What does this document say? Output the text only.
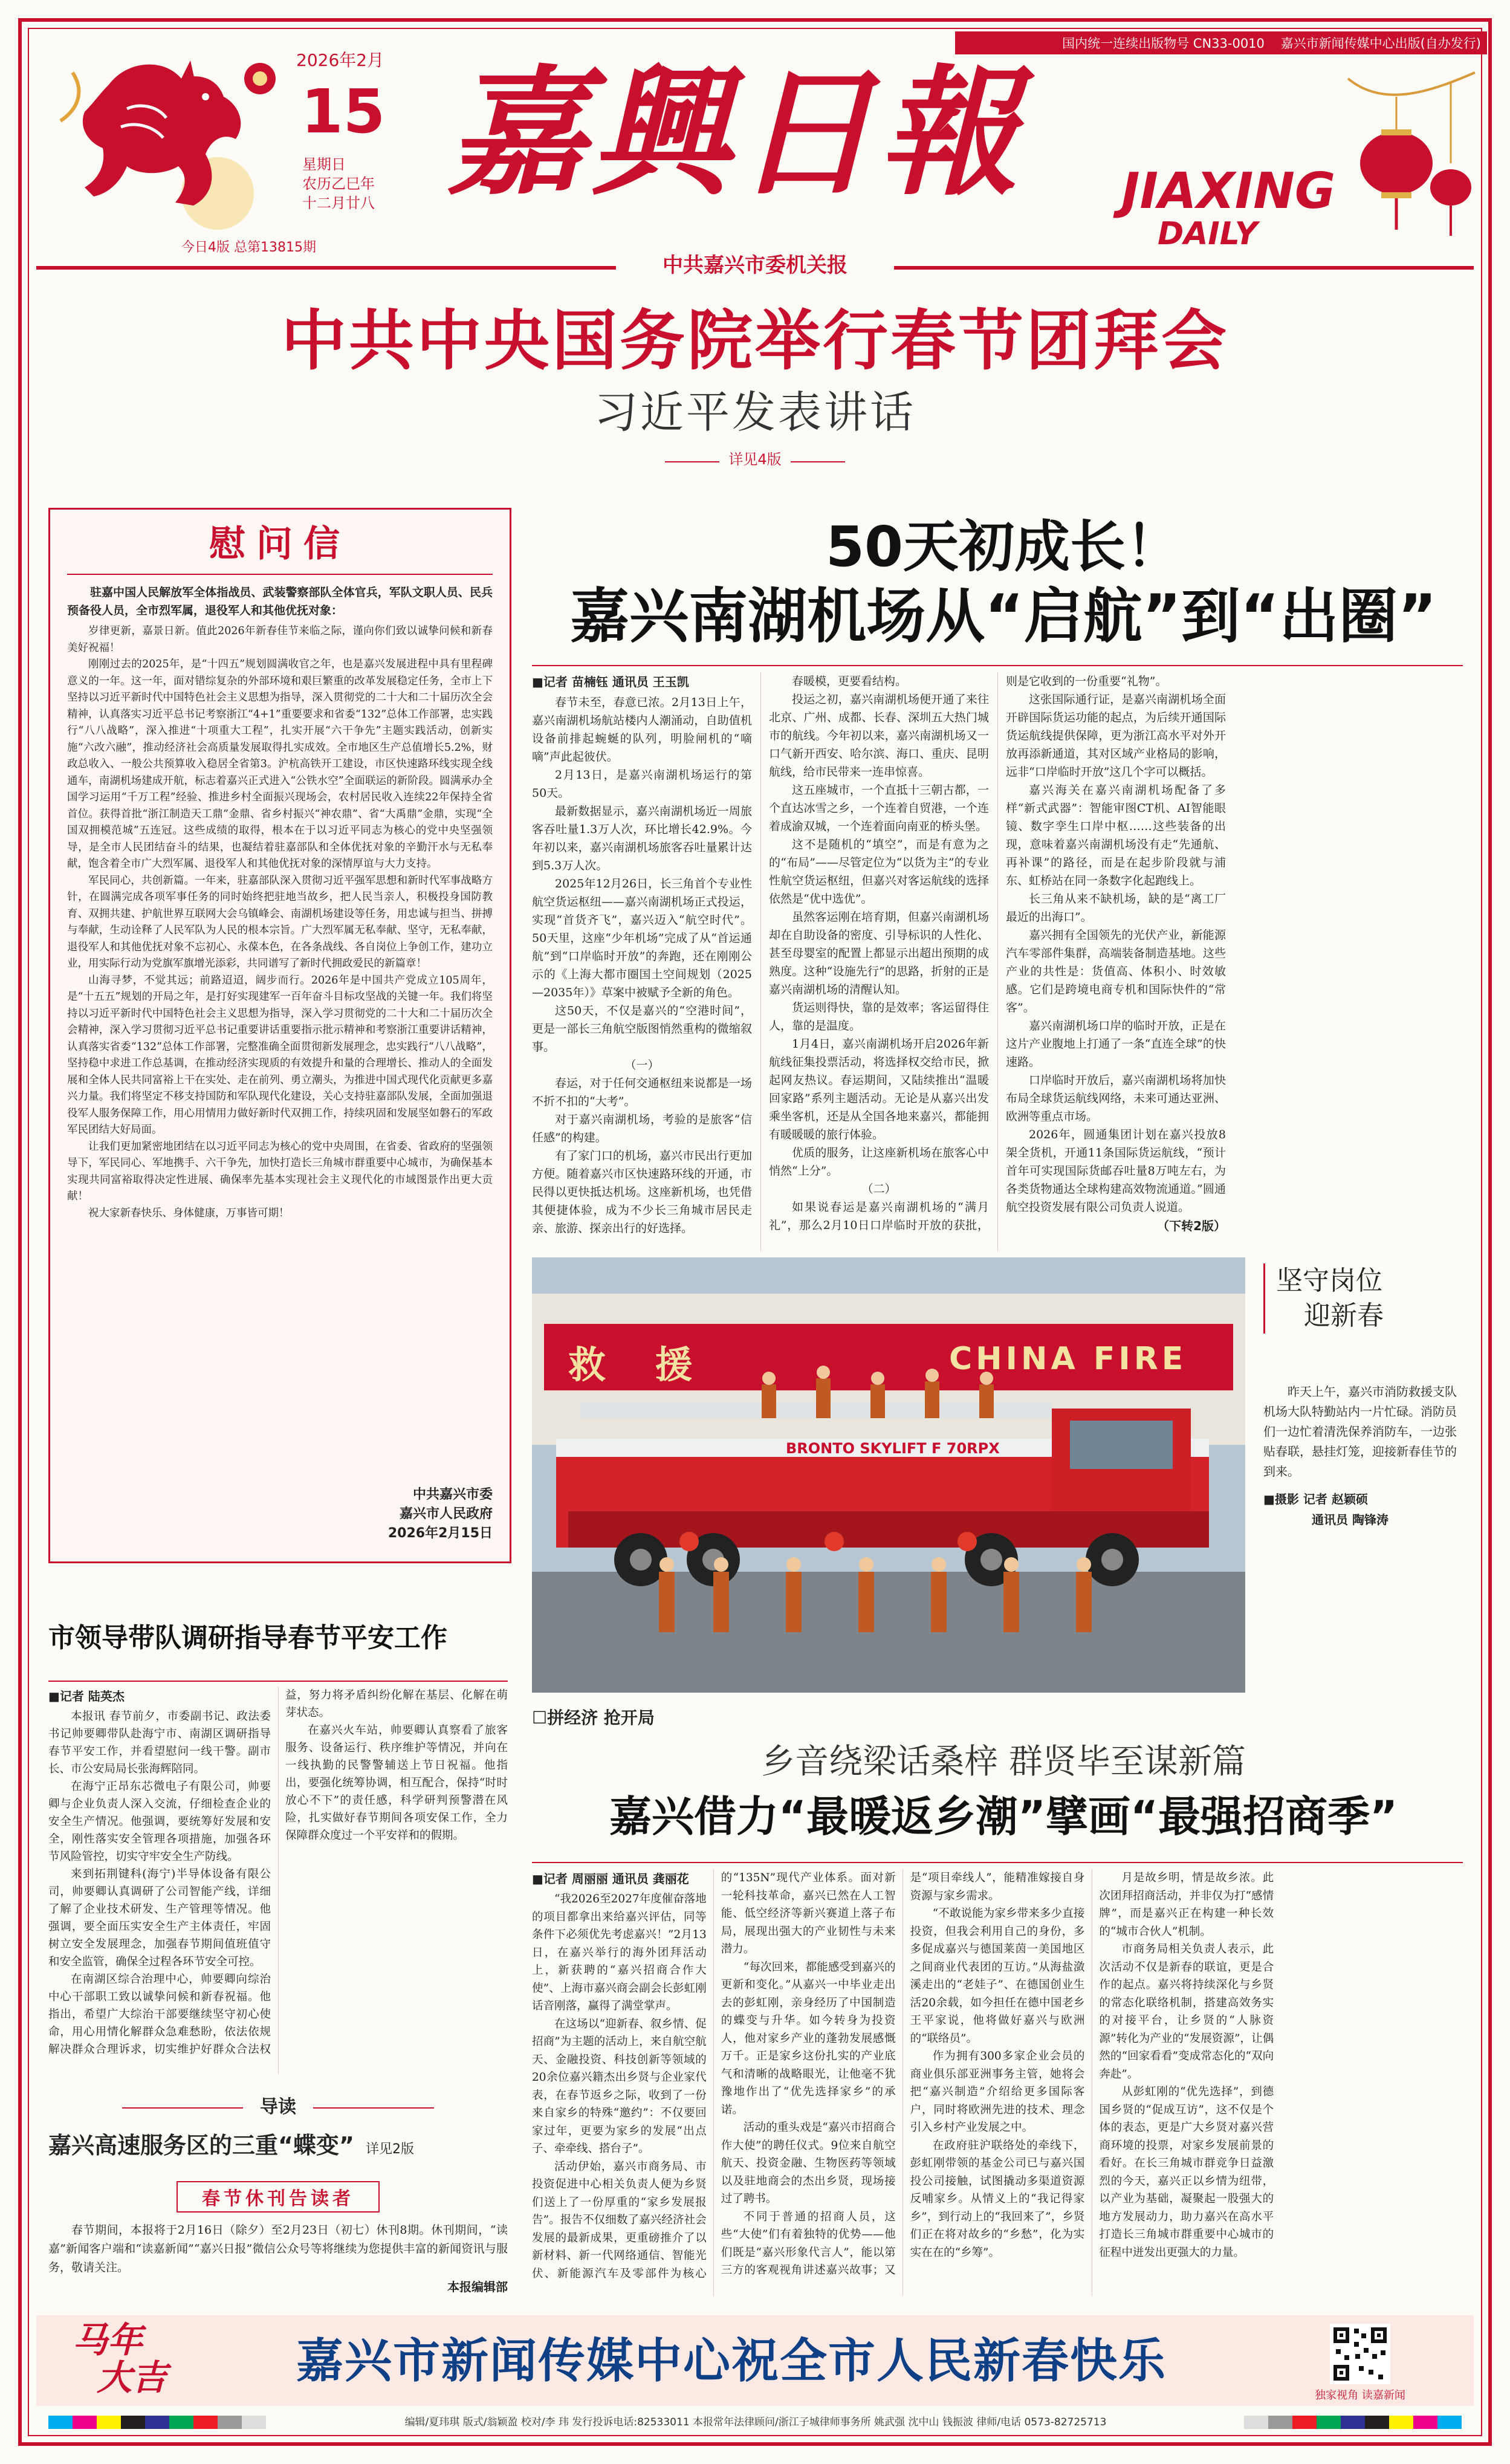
国内统一连续出版物号 CN33-0010 嘉兴市新闻传媒中心出版(自办发行)
2026年2月
15
星期日
农历乙巳年
十二月廿八
今日4版 总第13815期
嘉興日報	JIAXING
DAILY
中共嘉兴市委机关报
中共中央国务院举行春节团拜会
习近平发表讲话
详见4版
慰问信

驻嘉中国人民解放军全体指战员、武装警察部队全体官兵，军队文职人员、民兵预备役人员，全市烈军属，退役军人和其他优抚对象：

岁律更新，嘉景日新。值此2026年新春佳节来临之际，谨向你们致以诚挚问候和新春美好祝福！

刚刚过去的2025年，是“十四五”规划圆满收官之年，也是嘉兴发展进程中具有里程碑意义的一年。这一年，面对错综复杂的外部环境和艰巨繁重的改革发展稳定任务，全市上下坚持以习近平新时代中国特色社会主义思想为指导，深入贯彻党的二十大和二十届历次全会精神，认真落实习近平总书记考察浙江“4+1”重要要求和省委“132”总体工作部署，忠实践行“八八战略”，深入推进“十项重大工程”，扎实开展“六干争先”主题实践活动，创新实施“六改六融”，推动经济社会高质量发展取得扎实成效。全市地区生产总值增长5.2%，财政总收入、一般公共预算收入稳居全省第3。沪杭高铁开工建设，市区快速路环线实现全线通车，南湖机场建成开航，标志着嘉兴正式进入“公铁水空”全面联运的新阶段。圆满承办全国学习运用“千万工程”经验、推进乡村全面振兴现场会，农村居民收入连续22年保持全省首位。获得首批“浙江制造天工鼎”金鼎、省乡村振兴“神农鼎”、省“大禹鼎”金鼎，实现“全国双拥模范城”五连冠。这些成绩的取得，根本在于以习近平同志为核心的党中央坚强领导，是全市人民团结奋斗的结果，也凝结着驻嘉部队和全体优抚对象的辛勤汗水与无私奉献，饱含着全市广大烈军属、退役军人和其他优抚对象的深情厚谊与大力支持。

军民同心，共创新篇。一年来，驻嘉部队深入贯彻习近平强军思想和新时代军事战略方针，在圆满完成各项军事任务的同时始终把驻地当故乡，把人民当亲人，积极投身国防教育、双拥共建、护航世界互联网大会乌镇峰会、南湖机场建设等任务，用忠诚与担当、拼搏与奉献，生动诠释了人民军队为人民的根本宗旨。广大烈军属无私奉献、坚守，无私奉献，退役军人和其他优抚对象不忘初心、永葆本色，在各条战线、各自岗位上争创工作，建功立业，用实际行动为党旗军旗增光添彩，共同谱写了新时代拥政爱民的新篇章！

山海寻梦，不觉其远；前路迢迢，阔步而行。2026年是中国共产党成立105周年，是“十五五”规划的开局之年，是打好实现建军一百年奋斗目标攻坚战的关键一年。我们将坚持以习近平新时代中国特色社会主义思想为指导，深入学习贯彻党的二十大和二十届历次全会精神，深入学习贯彻习近平总书记重要讲话重要指示批示精神和考察浙江重要讲话精神，认真落实省委“132”总体工作部署，完整准确全面贯彻新发展理念，忠实践行“八八战略”，坚持稳中求进工作总基调，在推动经济实现质的有效提升和量的合理增长、推动人的全面发展和全体人民共同富裕上干在实处、走在前列、勇立潮头，为推进中国式现代化贡献更多嘉兴力量。我们将坚定不移支持国防和军队现代化建设，关心支持驻嘉部队发展，全面加强退役军人服务保障工作，用心用情用力做好新时代双拥工作，持续巩固和发展坚如磐石的军政军民团结大好局面。

让我们更加紧密地团结在以习近平同志为核心的党中央周围，在省委、省政府的坚强领导下，军民同心、军地携手、六干争先，加快打造长三角城市群重要中心城市，为确保基本实现共同富裕取得决定性进展、确保率先基本实现社会主义现代化的市域图景作出更大贡献！

祝大家新春快乐、身体健康，万事皆可期！

中共嘉兴市委
嘉兴市人民政府
2026年2月15日
50天初成长！
嘉兴南湖机场从“启航”到“出圈”

■记者 苗楠钰 通讯员 王玉凯

春节未至，春意已浓。2月13日上午，嘉兴南湖机场航站楼内人潮涌动，自助值机设备前排起蜿蜒的队列，明脸闸机的“嘀嘀”声此起彼伏。

2月13日，是嘉兴南湖机场运行的第50天。

最新数据显示，嘉兴南湖机场近一周旅客吞吐量1.3万人次，环比增长42.9%。今年初以来，嘉兴南湖机场旅客吞吐量累计达到5.3万人次。

2025年12月26日，长三角首个专业性航空货运枢纽——嘉兴南湖机场正式投运，实现“首货齐飞”，嘉兴迈入“航空时代”。50天里，这座“少年机场”完成了从“首运通航”到“口岸临时开放”的奔跑，还在刚刚公示的《上海大都市圈国土空间规划（2025—2035年）》草案中被赋予全新的角色。

这50天，不仅是嘉兴的“空港时间”，更是一部长三角航空版图悄然重构的微缩叙事。

（一）

春运，对于任何交通枢纽来说都是一场不折不扣的“大考”。

对于嘉兴南湖机场，考验的是旅客“信任感”的构建。

有了家门口的机场，嘉兴市民出行更加方便。随着嘉兴市区快速路环线的开通，市民得以更快抵达机场。这座新机场，也凭借其便捷体验，成为不少长三角城市居民走亲、旅游、探亲出行的好选择。

春暖模，更要看结构。

投运之初，嘉兴南湖机场便开通了来往北京、广州、成都、长春、深圳五大热门城市的航线。今年初以来，嘉兴南湖机场又一口气新开西安、哈尔滨、海口、重庆、昆明航线，给市民带来一连串惊喜。

这五座城市，一个直抵十三朝古都，一个直达冰雪之乡，一个连着自贸港，一个连着成渝双城，一个连着面向南亚的桥头堡。

这不是随机的“填空”，而是有意为之的“布局”——尽管定位为“以货为主”的专业性航空货运枢纽，但嘉兴对客运航线的选择依然是“优中选优”。

虽然客运刚在培育期，但嘉兴南湖机场却在自助设备的密度、引导标识的人性化、甚至母婴室的配置上都显示出超出预期的成熟度。这种“设施先行”的思路，折射的正是嘉兴南湖机场的清醒认知。

货运则得快，靠的是效率；客运留得住人，靠的是温度。

1月4日，嘉兴南湖机场开启2026年新航线征集投票活动，将选择权交给市民，掀起网友热议。春运期间，又陆续推出“温暖回家路”系列主题活动。无论是从嘉兴出发乘坐客机，还是从全国各地来嘉兴，都能拥有暖暖暖的旅行体验。

优质的服务，让这座新机场在旅客心中悄然“上分”。

（二）

如果说春运是嘉兴南湖机场的“满月礼”，那么2月10日口岸临时开放的获批，则是它收到的一份重要“礼物”。

这张国际通行证，是嘉兴南湖机场全面开辟国际货运功能的起点，为后续开通国际货运航线提供保障，更为浙江高水平对外开放再添新通道，其对区域产业格局的影响，远非“口岸临时开放”这几个字可以概括。

嘉兴海关在嘉兴南湖机场配备了多样“新式武器”：智能审图CT机、AI智能眼镜、数字孪生口岸中枢……这些装备的出现，意味着嘉兴南湖机场没有走“先通航、再补课”的路径，而是在起步阶段就与浦东、虹桥站在同一条数字化起跑线上。

长三角从来不缺机场，缺的是“离工厂最近的出海口”。

嘉兴拥有全国领先的光伏产业，新能源汽车零部件集群，高端装备制造基地。这些产业的共性是：货值高、体积小、时效敏感。它们是跨境电商专机和国际快件的“常客”。

嘉兴南湖机场口岸的临时开放，正是在这片产业腹地上打通了一条“直连全球”的快速路。

口岸临时开放后，嘉兴南湖机场将加快布局全球货运航线网络，未来可通达亚洲、欧洲等重点市场。

2026年，圆通集团计划在嘉兴投放8架全货机，开通11条国际货运航线，“预计首年可实现国际货邮吞吐量8万吨左右，为各类货物通达全球构建高效物流通道。”圆通航空投资发展有限公司负责人说道。

（下转2版）

救 援	CHINA FIRE
BRONTO SKYLIFT F 70RPX
坚守岗位
迎新春

昨天上午，嘉兴市消防救援支队机场大队特勤站内一片忙碌。消防员们一边忙着清洗保养消防车，一边张贴春联，悬挂灯笼，迎接新春佳节的到来。

■摄影 记者 赵颖硕
通讯员 陶锋涛
市领导带队调研指导春节平安工作

■记者 陆英杰

本报讯 春节前夕，市委副书记、政法委书记帅要卿带队赴海宁市、南湖区调研指导春节平安工作，并看望慰问一线干警。副市长、市公安局局长张海辉陪同。

在海宁正昂东芯微电子有限公司，帅要卿与企业负责人深入交流，仔细检查企业的安全生产情况。他强调，要统筹好发展和安全，刚性落实安全管理各项措施，加强各环节风险管控，切实守牢安全生产防线。

来到拓荆键科(海宁)半导体设备有限公司，帅要卿认真调研了公司智能产线，详细了解了企业技术研发、生产管理等情况。他强调，要全面压实安全生产主体责任，牢固树立安全发展理念，加强春节期间值班值守和安全监管，确保全过程各环节安全可控。

在南湖区综合治理中心，帅要卿向综治中心干部职工致以诚挚问候和新春祝福。他指出，希望广大综治干部要继续坚守初心使命，用心用情化解群众急难愁盼，依法依规解决群众合理诉求，切实维护好群众合法权益，努力将矛盾纠纷化解在基层、化解在萌芽状态。

在嘉兴火车站，帅要卿认真察看了旅客服务、设备运行、秩序维护等情况，并向在一线执勤的民警警辅送上节日祝福。他指出，要强化统筹协调，相互配合，保持“时时放心不下”的责任感，科学研判预警潜在风险，扎实做好春节期间各项安保工作，全力保障群众度过一个平安祥和的假期。

导读
嘉兴高速服务区的三重“蝶变” 详见2版
春节休刊告读者

春节期间，本报将于2月16日（除夕）至2月23日（初七）休刊8期。休刊期间，“读嘉”新闻客户端和“读嘉新闻”“嘉兴日报”微信公众号等将继续为您提供丰富的新闻资讯与服务，敬请关注。

本报编辑部
☐拼经济 抢开局
乡音绕梁话桑梓 群贤毕至谋新篇
嘉兴借力“最暖返乡潮”擘画“最强招商季”

■记者 周丽丽 通讯员 龚丽花

“我2026至2027年度催奋落地的项目都拿出来给嘉兴评估，同等条件下必须优先考虑嘉兴！”2月13日，在嘉兴举行的海外团拜活动上，新获聘的“嘉兴招商合作大使”、上海市嘉兴商会副会长彭虹刚话音刚落，赢得了满堂掌声。

在这场以“迎新春、叙乡情、促招商”为主题的活动上，来自航空航天、金融投资、科技创新等领域的20余位嘉兴籍杰出乡贤与企业家代表，在春节返乡之际，收到了一份来自家乡的特殊“邀约”：不仅要回家过年，更要为家乡的发展“出点子、牵牵线、搭台子”。

活动伊始，嘉兴市商务局、市投资促进中心相关负责人便为乡贤们送上了一份厚重的“家乡发展报告”。报告不仅细数了嘉兴经济社会发展的最新成果，更重磅推介了以新材料、新一代网络通信、智能光伏、新能源汽车及零部件为核心的“135N”现代产业体系。面对新一轮科技革命，嘉兴已然在人工智能、低空经济等新兴赛道上落子布局，展现出强大的产业韧性与未来潜力。

“每次回来，都能感受到嘉兴的更新和变化。”从嘉兴一中毕业走出去的彭虹刚，亲身经历了中国制造的蝶变与升华。如今转身为投资人，他对家乡产业的蓬勃发展感慨万千。正是家乡这份扎实的产业底气和清晰的战略眼光，让他毫不犹豫地作出了“优先选择家乡”的承诺。

活动的重头戏是“嘉兴市招商合作大使”的聘任仪式。9位来自航空航天、投资金融、生物医药等领域以及驻地商会的杰出乡贤，现场接过了聘书。

不同于普通的招商人员，这些“大使”们有着独特的优势——他们既是“嘉兴形象代言人”，能以第三方的客观视角讲述嘉兴故事；又是“项目牵线人”，能精准嫁接自身资源与家乡需求。

“不敢说能为家乡带来多少直接投资，但我会利用自己的身份，多多促成嘉兴与德国莱茵一美国地区之间商业代表团的互访。”从海盐潋溪走出的“老娃子”、在德国创业生活20余载，如今担任在德中国老乡王平家说，他将做好嘉兴与欧洲的“联络员”。

作为拥有300多家企业会员的商业俱乐部亚洲事务主管，她将会把“嘉兴制造”介绍给更多国际客户，同时将欧洲先进的技术、理念引入乡村产业发展之中。

在政府驻沪联络处的牵线下，彭虹刚带领的基金公司已与嘉兴国投公司接触，试图撬动多渠道资源反哺家乡。从情义上的“我记得家乡”，到行动上的“我回来了”，乡贤们正在将对故乡的“乡愁”，化为实实在在的“乡筹”。

月是故乡明，情是故乡浓。此次团拜招商活动，并非仅为打“感情牌”，而是嘉兴正在构建一种长效的“城市合伙人”机制。

市商务局相关负责人表示，此次活动不仅是新春的联谊，更是合作的起点。嘉兴将持续深化与乡贤的常态化联络机制，搭建高效务实的对接平台，让乡贤的“人脉资源”转化为产业的“发展资源”，让偶然的“回家看看”变成常态化的“双向奔赴”。

从彭虹刚的“优先选择”，到德国乡贤的“促成互访”，这不仅是个体的表态，更是广大乡贤对嘉兴营商环境的投票，对家乡发展前景的看好。在长三角城市群竞争日益激烈的今天，嘉兴正以乡情为纽带，以产业为基础，凝聚起一股强大的地方发展动力，助力嘉兴在高水平打造长三角城市群重要中心城市的征程中迸发出更强大的力量。

马年
大吉	嘉兴市新闻传媒中心祝全市人民新春快乐
独家视角 读嘉新闻
编辑/夏玮琪 版式/翁颖盈 校对/李 玮 发行投诉电话:82533011 本报常年法律顾问/浙江子城律师事务所 姚武强 沈中山 钱振波 律师/电话 0573-82725713
